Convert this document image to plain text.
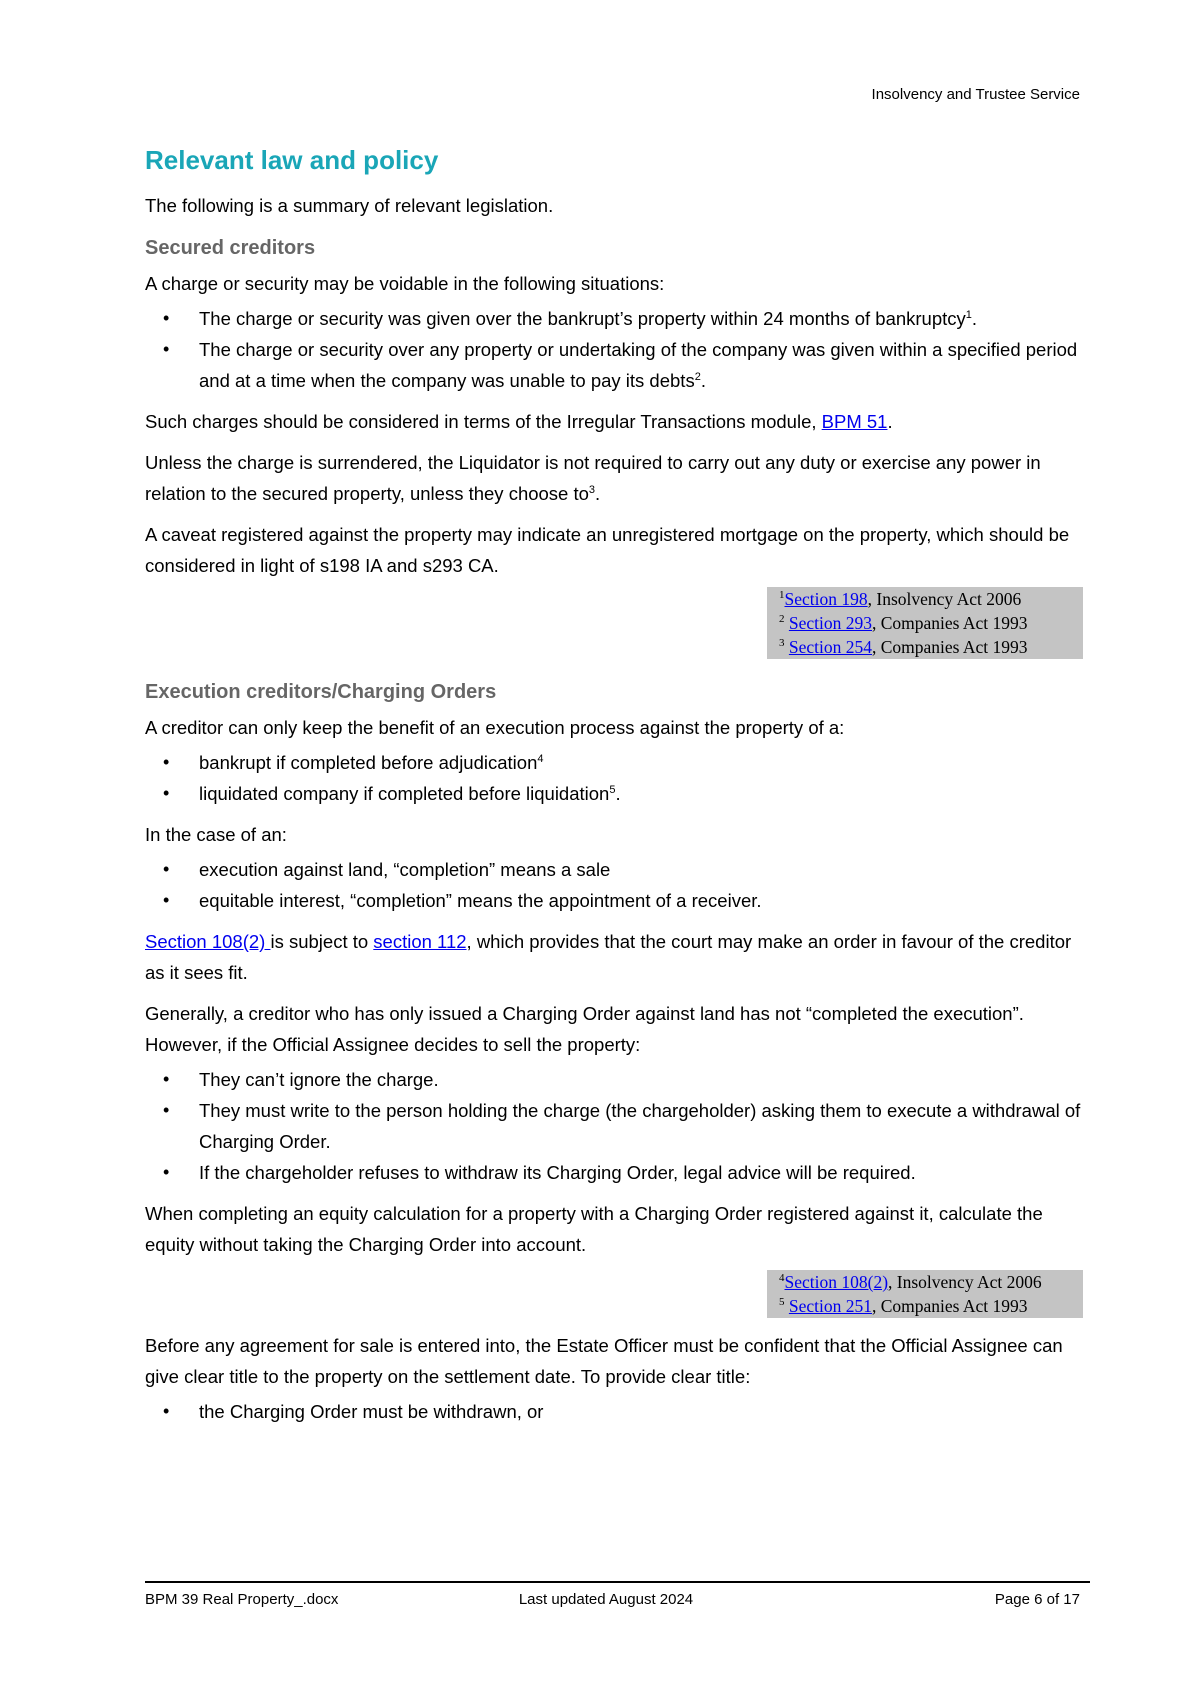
Insolvency and Trustee Service
Relevant law and policy

The following is a summary of relevant legislation.

Secured creditors

A charge or security may be voidable in the following situations:

• The charge or security was given over the bankrupt’s property within 24 months of bankruptcy$^1$.
• The charge or security over any property or undertaking of the company was given within a specified period and at a time when the company was unable to pay its debts$^2$.

Such charges should be considered in terms of the Irregular Transactions module, BPM 51.

Unless the charge is surrendered, the Liquidator is not required to carry out any duty or exercise any power in relation to the secured property, unless they choose $to^3$.

A caveat registered against the property may indicate an unregistered mortgage on the property, which should be considered in light of s198 IA and s293 CA.

$^1$Section 198, Insolvency Act 2006
$^2$ Section 293, Companies Act 1993
$^3$ Section 254, Companies Act 1993
Execution creditors/Charging Orders

A creditor can only keep the benefit of an execution process against the property of a:

• bankrupt if completed before adjudication$^4$
• liquidated company if completed before liquidation$^5$.

In the case of an:

• execution against land, “completion” means a sale
• equitable interest, “completion” means the appointment of a receiver.

Section 108(2) is subject to section 112, which provides that the court may make an order in favour of the creditor as it sees fit.

Generally, a creditor who has only issued a Charging Order against land has not “completed the execution”. However, if the Official Assignee decides to sell the property:

• They can’t ignore the charge.
• They must write to the person holding the charge (the chargeholder) asking them to execute a withdrawal of Charging Order.
• If the chargeholder refuses to withdraw its Charging Order, legal advice will be required.

When completing an equity calculation for a property with a Charging Order registered against it, calculate the equity without taking the Charging Order into account.

$^4$Section 108(2), Insolvency Act 2006
$^5$ Section 251, Companies Act 1993

Before any agreement for sale is entered into, the Estate Officer must be confident that the Official Assignee can give clear title to the property on the settlement date. To provide clear title:

• the Charging Order must be withdrawn, or
BPM 39 Real Property_.docx	Last updated August 2024	Page 6 of 17
